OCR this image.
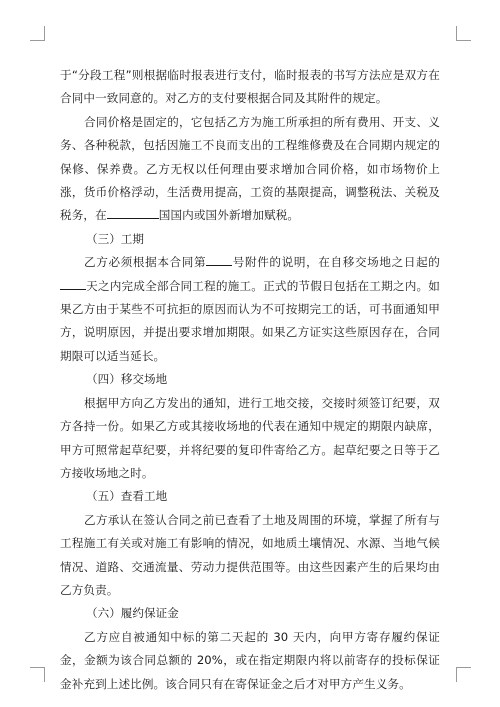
于“分段工程”则根据临时报表进行支付，临时报表的书写方法应是双方在合同中一致同意的。对乙方的支付要根据合同及其附件的规定。

合同价格是固定的，它包括乙方为施工所承担的所有费用、开支、义务、各种税款，包括因施工不良而支出的工程维修费及在合同期内规定的保修、保养费。乙方无权以任何理由要求增加合同价格，如市场物价上涨，货币价格浮动，生活费用提高，工资的基限提高，调整税法、关税及税务，在	国国内或国外新增加赋税。

（三）工期

乙方必须根据本合同第 号附件的说明，在自移交场地之日起的天之内完成全部合同工程的施工。正式的节假日包括在工期之内。如果乙方由于某些不可抗拒的原因而认为不可按期完工的话，可书面通知甲方，说明原因，并提出要求增加期限。如果乙方证实这些原因存在，合同期限可以适当延长。

（四）移交场地

根据甲方向乙方发出的通知，进行工地交接，交接时须签订纪要，双方各持一份。如果乙方或其接收场地的代表在通知中规定的期限内缺席，甲方可照常起草纪要，并将纪要的复印件寄给乙方。起草纪要之日等于乙方接收场地之时。

（五）查看工地

乙方承认在签认合同之前已查看了土地及周围的环境，掌握了所有与工程施工有关或对施工有影响的情况，如地质土壤情况、水源、当地气候情况、道路、交通流量、劳动力提供范围等。由这些因素产生的后果均由乙方负责。

（六）履约保证金

乙方应自被通知中标的第二天起的 30 天内，向甲方寄存履约保证金，金额为该合同总额的 20%，或在指定期限内将以前寄存的投标保证金补充到上述比例。该合同只有在寄保证金之后才对甲方产生义务。
